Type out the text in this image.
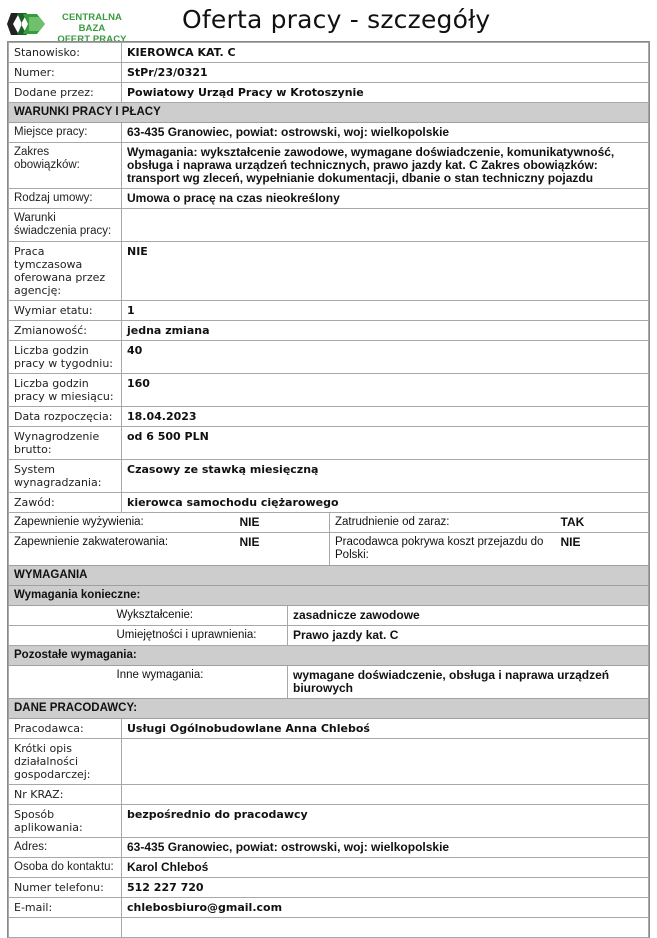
CENTRALNA BAZA
OFERT PRACY
Oferta pracy - szczegóły
Stanowisko:	KIEROWCA KAT. C
Numer:	StPr/23/0321
Dodane przez:	Powiatowy Urząd Pracy w Krotoszynie
WARUNKI PRACY I PŁACY	
Miejsce pracy:	63-435 Granowiec, powiat: ostrowski, woj: wielkopolskie
Zakres obowiązków:	Wymagania: wykształcenie zawodowe, wymagane doświadczenie, komunikatywność, obsługa i naprawa urządzeń technicznych, prawo jazdy kat. C Zakres obowiązków: transport wg zleceń, wypełnianie dokumentacji, dbanie o stan techniczny pojazdu
Rodzaj umowy:	Umowa o pracę na czas nieokreślony
Warunki świadczenia pracy:	
Praca tymczasowa oferowana przez agencję:	NIE
Wymiar etatu:	1
Zmianowość:	jedna zmiana
Liczba godzin pracy w tygodniu:	40
Liczba godzin pracy w miesiącu:	160
Data rozpoczęcia:	18.04.2023
Wynagrodzenie brutto:	od 6 500 PLN
System wynagradzania:	Czasowy ze stawką miesięczną
Zawód:	kierowca samochodu ciężarowego
Zapewnienie wyżywienia:	NIE	Zatrudnienie od zaraz:	TAK
Zapewnienie zakwaterowania:	NIE	Pracodawca pokrywa koszt przejazdu do Polski:	NIE
WYMAGANIA		
Wymagania konieczne:		
	Wykształcenie:	zasadnicze zawodowe
	Umiejętności i uprawnienia:	Prawo jazdy kat. C
Pozostałe wymagania:		
	Inne wymagania:	wymagane doświadczenie, obsługa i naprawa urządzeń biurowych
DANE PRACODAWCY:	
Pracodawca:	Usługi Ogólnobudowlane Anna Chleboś
Krótki opis działalności gospodarczej:	
Nr KRAZ:	
Sposób aplikowania:	bezpośrednio do pracodawcy
Adres:	63-435 Granowiec, powiat: ostrowski, woj: wielkopolskie
Osoba do kontaktu:	Karol Chleboś
Numer telefonu:	512 227 720
E-mail:	chlebosbiuro@gmail.com
